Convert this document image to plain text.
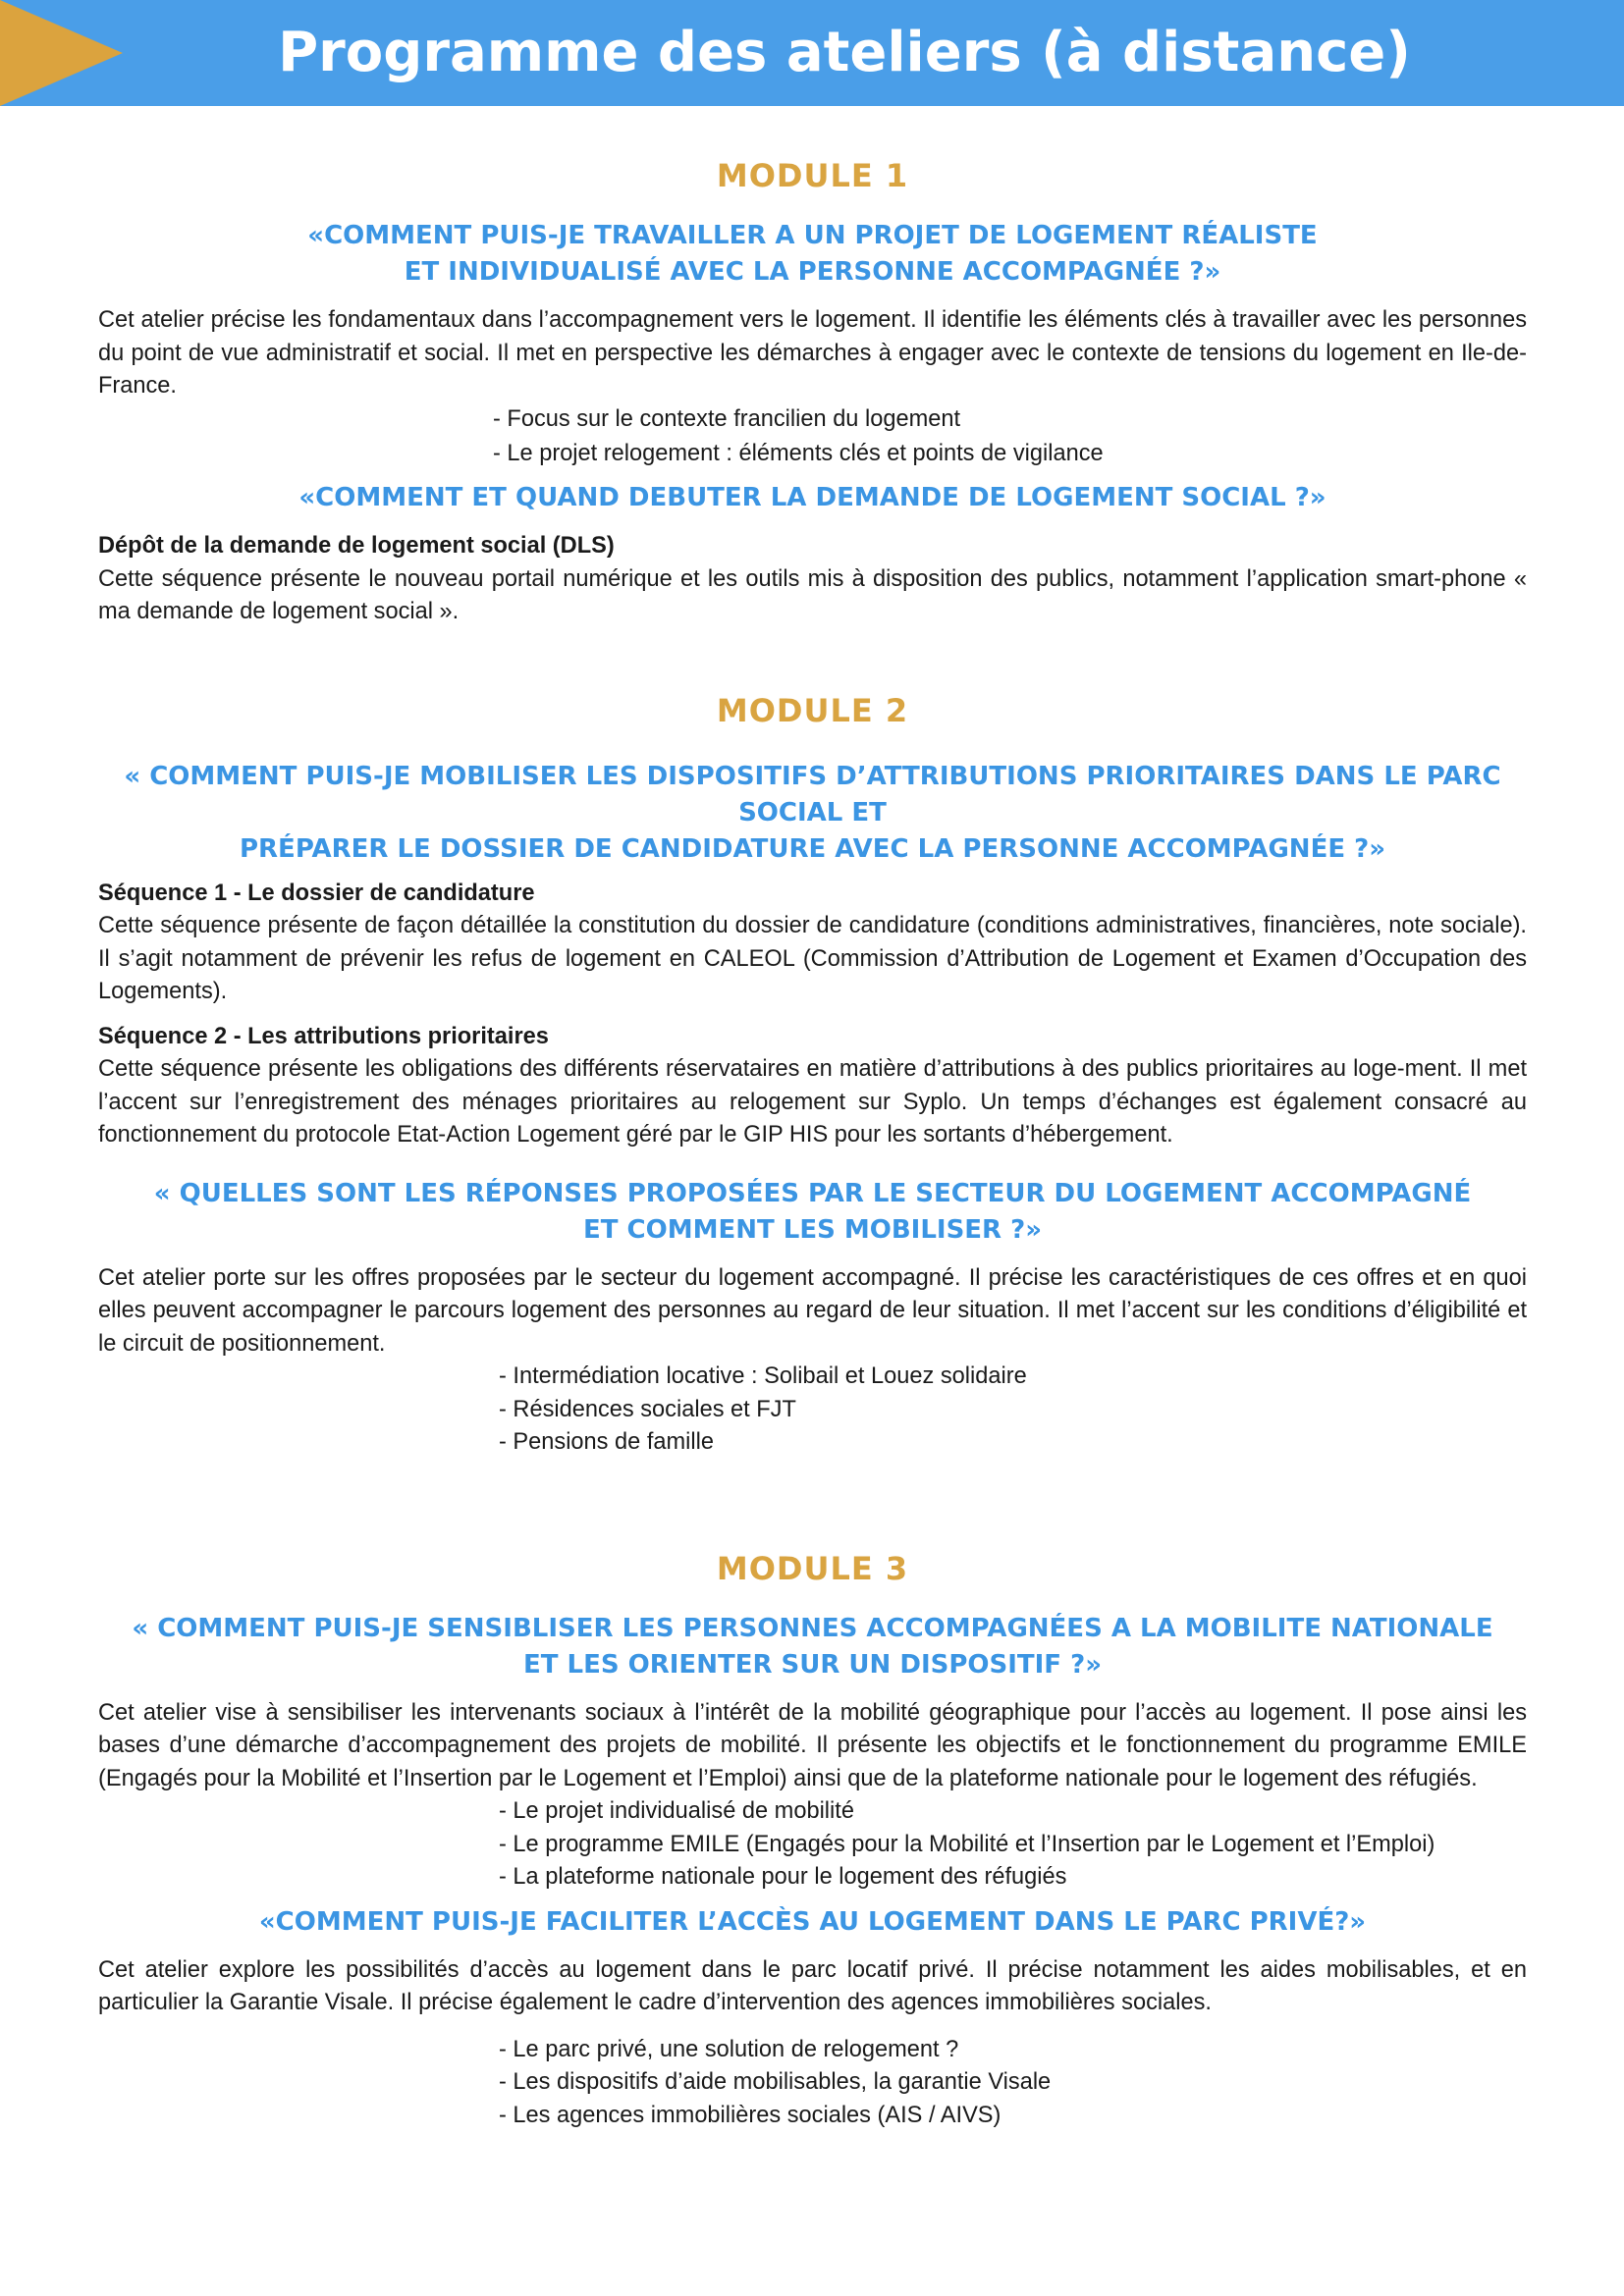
Programme des ateliers (à distance)
MODULE 1
«COMMENT PUIS-JE TRAVAILLER A UN PROJET DE LOGEMENT RÉALISTE
ET INDIVIDUALISÉ AVEC LA PERSONNE ACCOMPAGNÉE ?»

Cet atelier précise les fondamentaux dans l’accompagnement vers le logement. Il identifie les éléments clés à travailler avec les personnes du point de vue administratif et social. Il met en perspective les démarches à engager avec le contexte de tensions du logement en Ile-de-France.

- Focus sur le contexte francilien du logement
- Le projet relogement : éléments clés et points de vigilance
«COMMENT ET QUAND DEBUTER LA DEMANDE DE LOGEMENT SOCIAL ?»

Dépôt de la demande de logement social (DLS)

Cette séquence présente le nouveau portail numérique et les outils mis à disposition des publics, notamment l’application smart-phone « ma demande de logement social ».

MODULE 2
« COMMENT PUIS-JE MOBILISER LES DISPOSITIFS D’ATTRIBUTIONS PRIORITAIRES DANS LE PARC SOCIAL ET
PRÉPARER LE DOSSIER DE CANDIDATURE AVEC LA PERSONNE ACCOMPAGNÉE ?»

Séquence 1 - Le dossier de candidature

Cette séquence présente de façon détaillée la constitution du dossier de candidature (conditions administratives, financières, note sociale). Il s’agit notamment de prévenir les refus de logement en CALEOL (Commission d’Attribution de Logement et Examen d’Occupation des Logements).

Séquence 2 - Les attributions prioritaires

Cette séquence présente les obligations des différents réservataires en matière d’attributions à des publics prioritaires au loge-ment. Il met l’accent sur l’enregistrement des ménages prioritaires au relogement sur Syplo. Un temps d’échanges est également consacré au fonctionnement du protocole Etat-Action Logement géré par le GIP HIS pour les sortants d’hébergement.

« QUELLES SONT LES RÉPONSES PROPOSÉES PAR LE SECTEUR DU LOGEMENT ACCOMPAGNÉ
ET COMMENT LES MOBILISER ?»

Cet atelier porte sur les offres proposées par le secteur du logement accompagné. Il précise les caractéristiques de ces offres et en quoi elles peuvent accompagner le parcours logement des personnes au regard de leur situation. Il met l’accent sur les conditions d’éligibilité et le circuit de positionnement.

- Intermédiation locative : Solibail et Louez solidaire
- Résidences sociales et FJT
- Pensions de famille
MODULE 3
« COMMENT PUIS-JE SENSIBLISER LES PERSONNES ACCOMPAGNÉES A LA MOBILITE NATIONALE
ET LES ORIENTER SUR UN DISPOSITIF ?»

Cet atelier vise à sensibiliser les intervenants sociaux à l’intérêt de la mobilité géographique pour l’accès au logement. Il pose ainsi les bases d’une démarche d’accompagnement des projets de mobilité. Il présente les objectifs et le fonctionnement du programme EMILE (Engagés pour la Mobilité et l’Insertion par le Logement et l’Emploi) ainsi que de la plateforme nationale pour le logement des réfugiés.

- Le projet individualisé de mobilité
- Le programme EMILE (Engagés pour la Mobilité et l’Insertion par le Logement et l’Emploi)
- La plateforme nationale pour le logement des réfugiés
«COMMENT PUIS-JE FACILITER L’ACCÈS AU LOGEMENT DANS LE PARC PRIVÉ?»

Cet atelier explore les possibilités d’accès au logement dans le parc locatif privé. Il précise notamment les aides mobilisables, et en particulier la Garantie Visale. Il précise également le cadre d’intervention des agences immobilières sociales.

- Le parc privé, une solution de relogement ?
- Les dispositifs d’aide mobilisables, la garantie Visale
- Les agences immobilières sociales (AIS / AIVS)
